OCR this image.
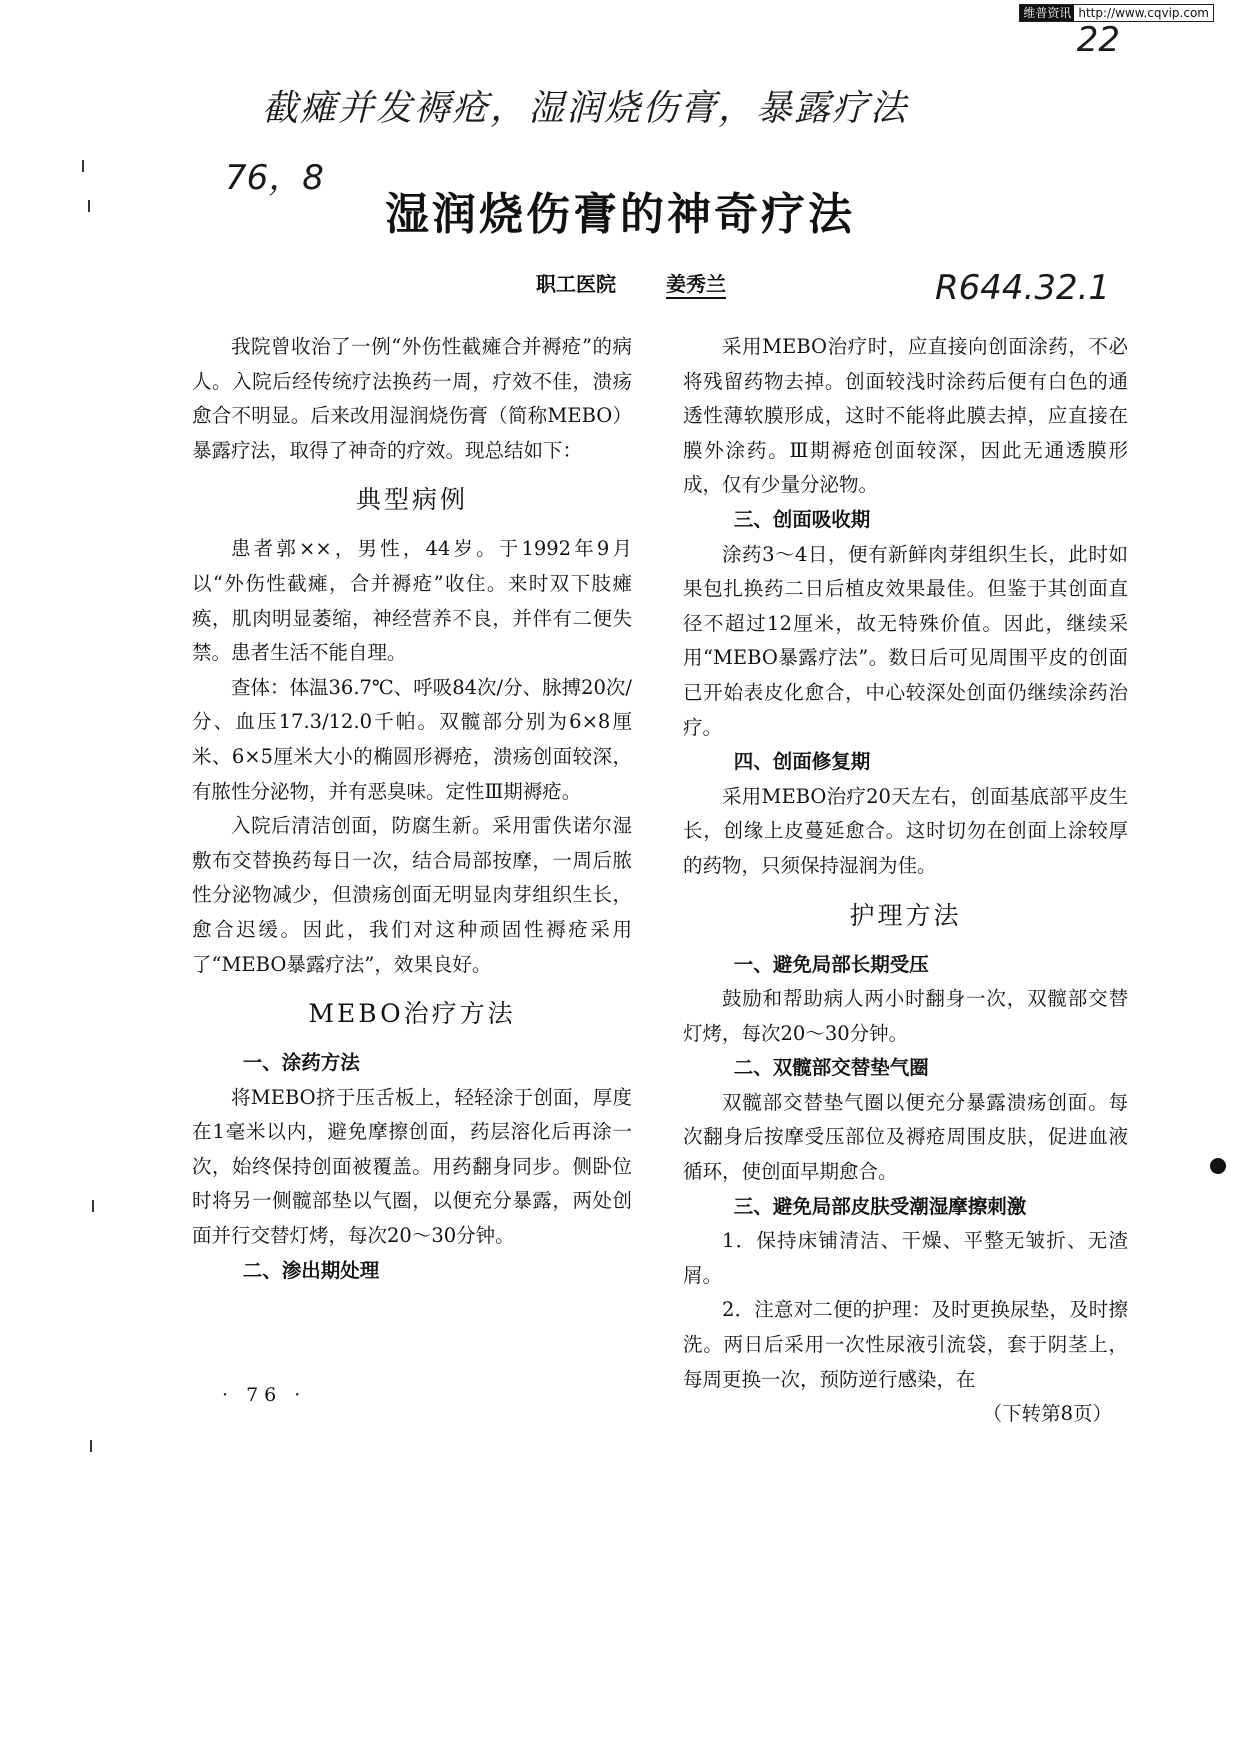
维普资讯 http://www.cqvip.com
22
截瘫并发褥疮，湿润烧伤膏，暴露疗法
76，8
R644.32.1
湿润烧伤膏的神奇疗法
职工医院	姜秀兰

我院曾收治了一例“外伤性截瘫合并褥疮”的病人。入院后经传统疗法换药一周，疗效不佳，溃疡愈合不明显。后来改用湿润烧伤膏（简称MEBO）暴露疗法，取得了神奇的疗效。现总结如下：

典型病例

患者郭××，男性，44岁。于1992年9月以“外伤性截瘫，合并褥疮”收住。来时双下肢瘫痪，肌肉明显萎缩，神经营养不良，并伴有二便失禁。患者生活不能自理。

查体：体温36.7℃、呼吸84次/分、脉搏20次/分、血压17.3/12.0千帕。双髋部分别为6×8厘米、6×5厘米大小的椭圆形褥疮，溃疡创面较深，有脓性分泌物，并有恶臭味。定性Ⅲ期褥疮。

入院后清洁创面，防腐生新。采用雷佚诺尔湿敷布交替换药每日一次，结合局部按摩，一周后脓性分泌物减少，但溃疡创面无明显肉芽组织生长，愈合迟缓。因此，我们对这种顽固性褥疮采用了“MEBO暴露疗法”，效果良好。

MEBO治疗方法
一、涂药方法

将MEBO挤于压舌板上，轻轻涂于创面，厚度在1毫米以内，避免摩擦创面，药层溶化后再涂一次，始终保持创面被覆盖。用药翻身同步。侧卧位时将另一侧髋部垫以气圈，以便充分暴露，两处创面并行交替灯烤，每次20～30分钟。

二、渗出期处理

采用MEBO治疗时，应直接向创面涂药，不必将残留药物去掉。创面较浅时涂药后便有白色的通透性薄软膜形成，这时不能将此膜去掉，应直接在膜外涂药。Ⅲ期褥疮创面较深，因此无通透膜形成，仅有少量分泌物。

三、创面吸收期

涂药3～4日，便有新鲜肉芽组织生长，此时如果包扎换药二日后植皮效果最佳。但鉴于其创面直径不超过12厘米，故无特殊价值。因此，继续采用“MEBO暴露疗法”。数日后可见周围平皮的创面已开始表皮化愈合，中心较深处创面仍继续涂药治疗。

四、创面修复期

采用MEBO治疗20天左右，创面基底部平皮生长，创缘上皮蔓延愈合。这时切勿在创面上涂较厚的药物，只须保持湿润为佳。

护理方法
一、避免局部长期受压

鼓励和帮助病人两小时翻身一次，双髋部交替灯烤，每次20～30分钟。

二、双髋部交替垫气圈

双髋部交替垫气圈以便充分暴露溃疡创面。每次翻身后按摩受压部位及褥疮周围皮肤，促进血液循环，使创面早期愈合。

三、避免局部皮肤受潮湿摩擦刺激

1．保持床铺清洁、干燥、平整无皱折、无渣屑。

2．注意对二便的护理：及时更换尿垫，及时擦洗。两日后采用一次性尿液引流袋，套于阴茎上，每周更换一次，预防逆行感染，在

（下转第8页）
· 76 ·
